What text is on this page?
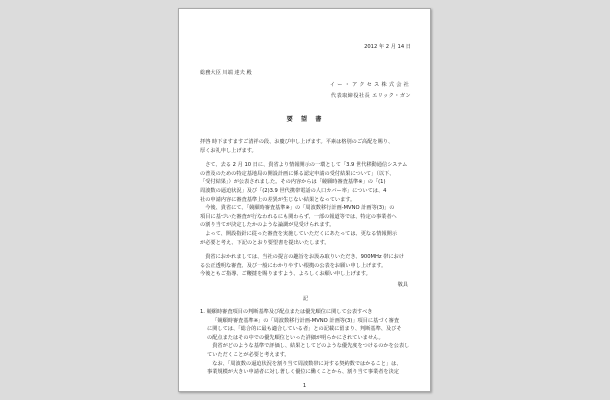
2012 年 2 月 14 日
総務大臣 川端 達夫 殿
イー・アクセス株式会社
代表取締役社長 エリック・ガン
要 望 書
拝啓 時下ますますご清祥の段、お慶び申し上げます。平素は格別のご高配を賜り、
厚くお礼申し上げます。
さて、去る 2 月 10 日に、貴省より情報開示の一環として「3.9 世代移動通信システム
の普及のための特定基地局の開設計画に係る認定申請の受付結果について」（以下、
「受付結果」）が公表されました。その内容からは「競願時審査基準※」の「(1)
周波数の逼迫状況」及び「(2)3.9 世代携帯電話の人口カバー率」については、4
社の申請内容に審査基準上の差異が生じない結果となっています。
今後、貴省にて、「競願時審査基準※」の「周波数移行計画-MVNO 計画等(3)」の
項目に基づいた審査が行なわれるにも関わらず、一部の報道等では、特定の事業者へ
の割り当てが決定したかのような論調が見受けられます。
よって、開設指針に従った審査を実施していただくにあたっては、更なる情報開示
が必要と考え、下記のとおり要望書を提出いたします。
貴省におかれましては、当社の提言の趣旨をお汲み取りいただき、900MHz 帯におけ
る公正透明な審査、及び一般にわかりやすい根拠の公表をお願い申し上げます。
今後ともご指導、ご鞭撻を賜りますよう、よろしくお願い申し上げます。
敬具
記
1. 競願時審査項目の判断基準及び配点または優先順位に関して公表すべき
「競願時審査基準※」の「周波数移行計画-MVNO 計画等(3)」項目に基づく審査
に関しては、「総合的に最も適合している者」との記載に留まり、判断基準、及びそ
の配点またはその中での優先順位といった詳細が明らかにされていません。
貴省がどのような基準で評価し、結果としてどのような優先度をつけるのかを公表し
ていただくことが必要と考えます。
なお、「周波数の逼迫状況を割り当て周波数帯に対する契約数ではかること」は、
事業規模が大きい申請者に対し著しく優位に働くことから、割り当て事業者を決定
1
